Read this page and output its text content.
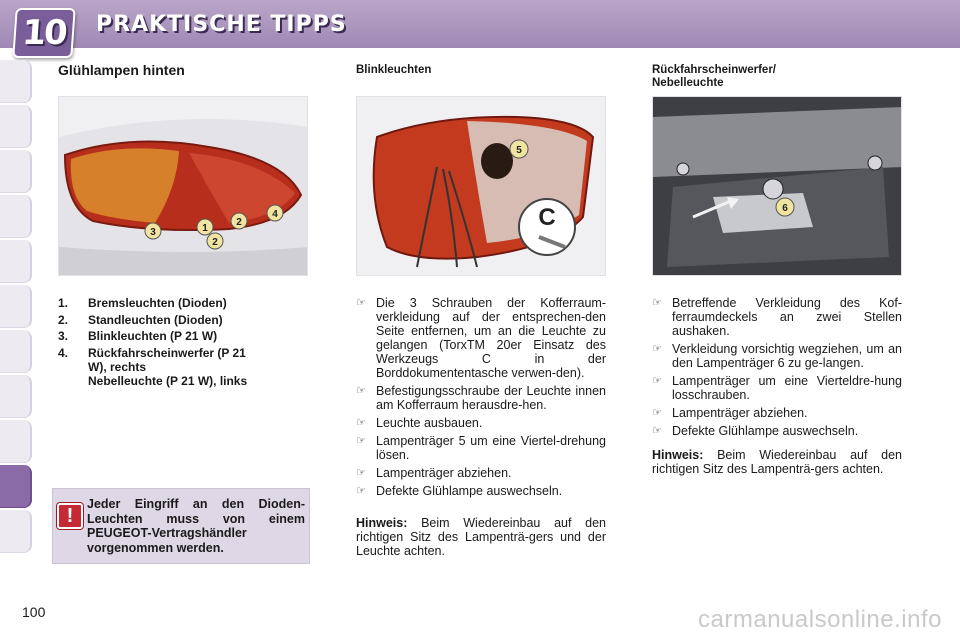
10 PRAKTISCHE TIPPS
Glühlampen hinten
3	1
2
4
2
1.	Bremsleuchten (Dioden)
2.	Standleuchten (Dioden)
3.	Blinkleuchten (P 21 W)
4.	Rückfahrscheinwerfer (P 21 W), rechts
Nebelleuchte (P 21 W), links
!
Jeder Eingriff an den Dioden-Leuchten muss von einem PEUGEOT-Vertragshändler vorgenommen werden.
Blinkleuchten
5
C
☞ Die 3 Schrauben der Kofferraum-verkleidung auf der entsprechen-den Seite entfernen, um an die Leuchte zu gelangen (TorxTM 20er Einsatz des Werkzeugs C in der Borddokumententasche verwen-den).
☞ Befestigungsschraube der Leuchte innen am Kofferraum herausdre-hen.
☞ Leuchte ausbauen.
☞ Lampenträger 5 um eine Viertel-drehung lösen.
☞ Lampenträger abziehen.
☞ Defekte Glühlampe auswechseln.
Hinweis: Beim Wiedereinbau auf den richtigen Sitz des Lampenträ-gers und der Leuchte achten.
Rückfahrscheinwerfer/
Nebelleuchte
6
☞ Betreffende Verkleidung des Kof-ferraumdeckels an zwei Stellen aushaken.
☞ Verkleidung vorsichtig wegziehen, um an den Lampenträger 6 zu ge-langen.
☞ Lampenträger um eine Vierteldre-hung losschrauben.
☞ Lampenträger abziehen.
☞ Defekte Glühlampe auswechseln.
Hinweis: Beim Wiedereinbau auf den richtigen Sitz des Lampenträ-gers achten.
100	carmanualsonline.info
